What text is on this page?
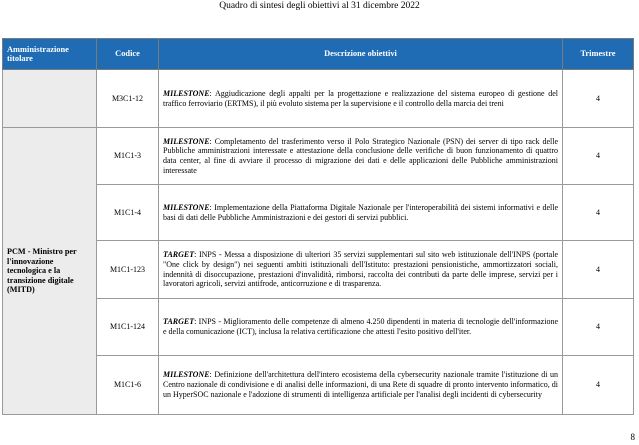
Quadro di sintesi degli obiettivi al 31 dicembre 2022
Amministrazione titolare	Codice	Descrizione obiettivi	Trimestre
	M3C1-12	MILESTONE: Aggiudicazione degli appalti per la progettazione e realizzazione del sistema europeo di gestione del traffico ferroviario (ERTMS), il più evoluto sistema per la supervisione e il controllo della marcia dei treni	4
PCM - Ministro per l'innovazione tecnologica e la transizione digitale (MITD)	M1C1-3	MILESTONE: Completamento del trasferimento verso il Polo Strategico Nazionale (PSN) dei server di tipo rack delle Pubbliche amministrazioni interessate e attestazione della conclusione delle verifiche di buon funzionamento di quattro data center, al fine di avviare il processo di migrazione dei dati e delle applicazioni delle Pubbliche amministrazioni interessate	4
	M1C1-4	MILESTONE: Implementazione della Piattaforma Digitale Nazionale per l'interoperabilità dei sistemi informativi e delle basi di dati delle Pubbliche Amministrazioni e dei gestori di servizi pubblici.	4
	M1C1-123	TARGET: INPS - Messa a disposizione di ulteriori 35 servizi supplementari sul sito web istituzionale dell'INPS (portale "One click by design") nei seguenti ambiti istituzionali dell'Istituto: prestazioni pensionistiche, ammortizzatori sociali, indennità di disoccupazione, prestazioni d'invalidità, rimborsi, raccolta dei contributi da parte delle imprese, servizi per i lavoratori agricoli, servizi antifrode, anticorruzione e di trasparenza.	4
	M1C1-124	TARGET: INPS - Miglioramento delle competenze di almeno 4.250 dipendenti in materia di tecnologie dell'informazione e della comunicazione (ICT), inclusa la relativa certificazione che attesti l'esito positivo dell'iter.	4
	M1C1-6	MILESTONE: Definizione dell'architettura dell'intero ecosistema della cybersecurity nazionale tramite l'istituzione di un Centro nazionale di condivisione e di analisi delle informazioni, di una Rete di squadre di pronto intervento informatico, di un HyperSOC nazionale e l'adozione di strumenti di intelligenza artificiale per l'analisi degli incidenti di cybersecurity	4
8
